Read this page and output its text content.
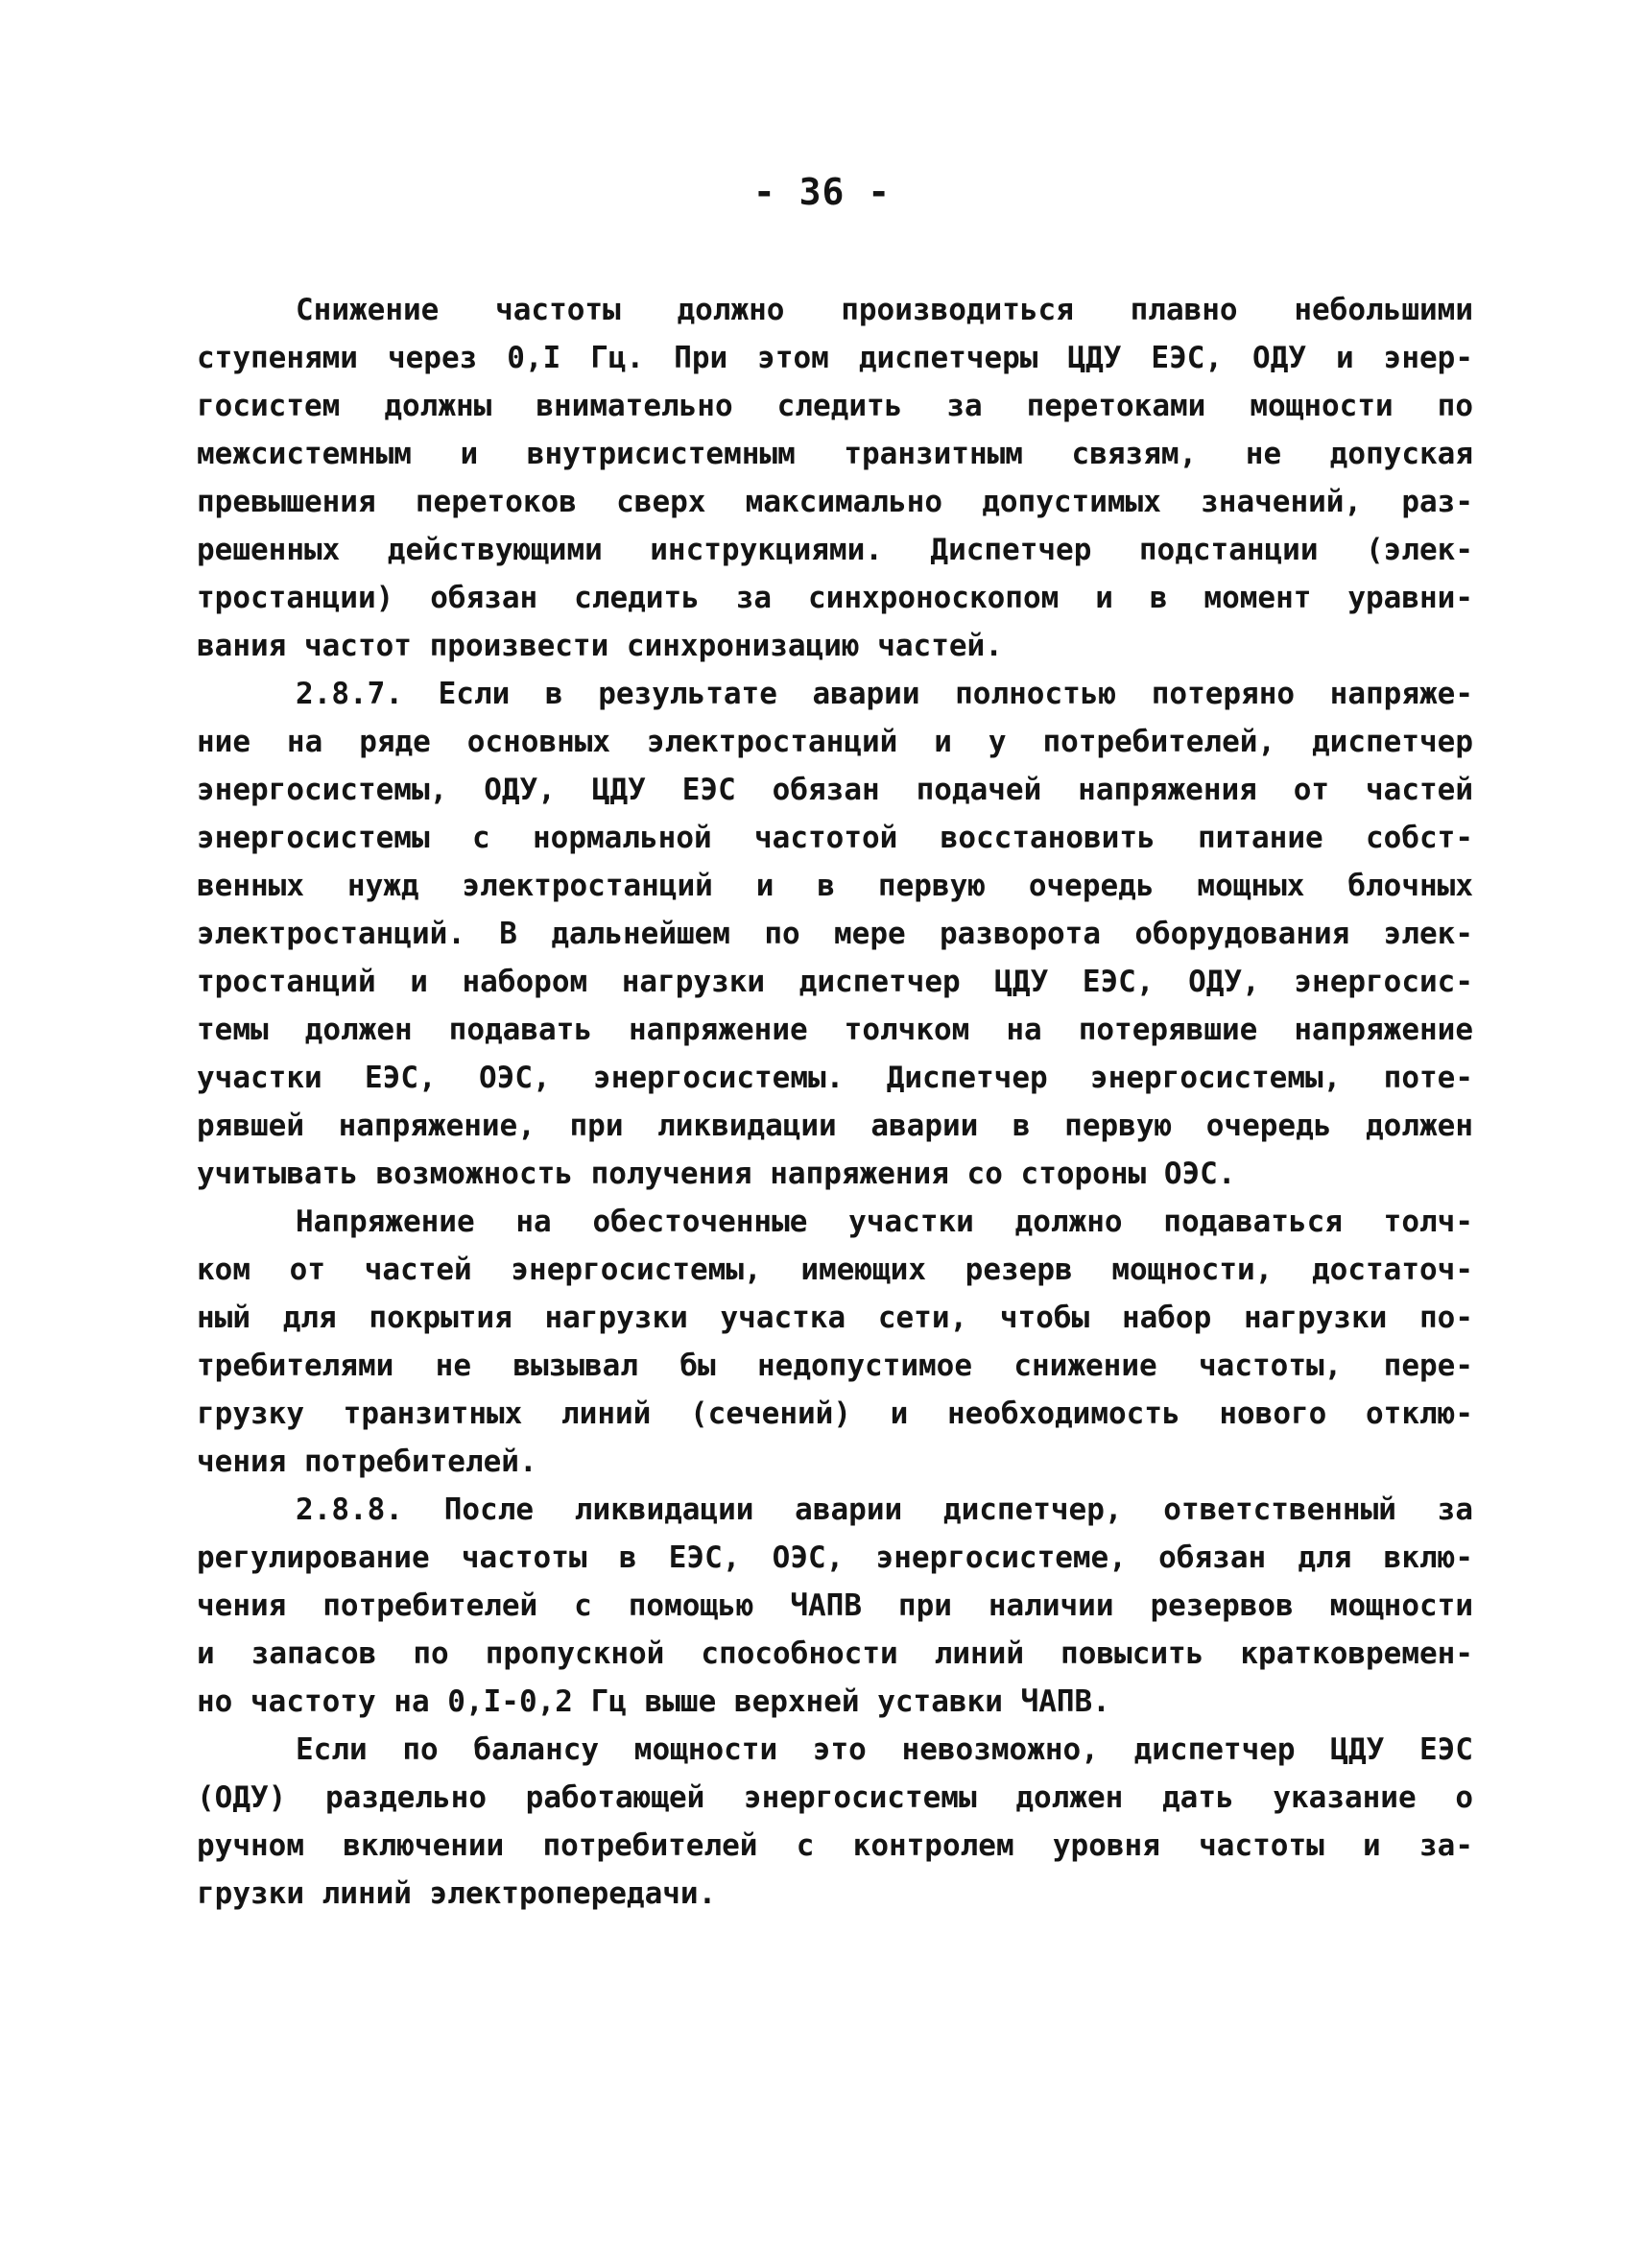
- 36 -
Снижение частоты должно производиться плавно небольшими
ступенями через 0,I Гц. При этом диспетчеры ЦДУ ЕЭС, ОДУ и энер-
госистем должны внимательно следить за перетоками мощности по
межсистемным и внутрисистемным транзитным связям, не допуская
превышения перетоков сверх максимально допустимых значений, раз-
решенных действующими инструкциями. Диспетчер подстанции (элек-
тростанции) обязан следить за синхроноскопом и в момент уравни-
вания частот произвести синхронизацию частей.
2.8.7. Если в результате аварии полностью потеряно напряже-
ние на ряде основных электростанций и у потребителей, диспетчер
энергосистемы, ОДУ, ЦДУ ЕЭС обязан подачей напряжения от частей
энергосистемы с нормальной частотой восстановить питание собст-
венных нужд электростанций и в первую очередь мощных блочных
электростанций. В дальнейшем по мере разворота оборудования элек-
тростанций и набором нагрузки диспетчер ЦДУ ЕЭС, ОДУ, энергосис-
темы должен подавать напряжение толчком на потерявшие напряжение
участки ЕЭС, ОЭС, энергосистемы. Диспетчер энергосистемы, поте-
рявшей напряжение, при ликвидации аварии в первую очередь должен
учитывать возможность получения напряжения со стороны ОЭС.
Напряжение на обесточенные участки должно подаваться толч-
ком от частей энергосистемы, имеющих резерв мощности, достаточ-
ный для покрытия нагрузки участка сети, чтобы набор нагрузки по-
требителями не вызывал бы недопустимое снижение частоты, пере-
грузку транзитных линий (сечений) и необходимость нового отклю-
чения потребителей.
2.8.8. После ликвидации аварии диспетчер, ответственный за
регулирование частоты в ЕЭС, ОЭС, энергосистеме, обязан для вклю-
чения потребителей с помощью ЧАПВ при наличии резервов мощности
и запасов по пропускной способности линий повысить кратковремен-
но частоту на 0,I-0,2 Гц выше верхней уставки ЧАПВ.
Если по балансу мощности это невозможно, диспетчер ЦДУ ЕЭС
(ОДУ) раздельно работающей энергосистемы должен дать указание о
ручном включении потребителей с контролем уровня частоты и за-
грузки линий электропередачи.
